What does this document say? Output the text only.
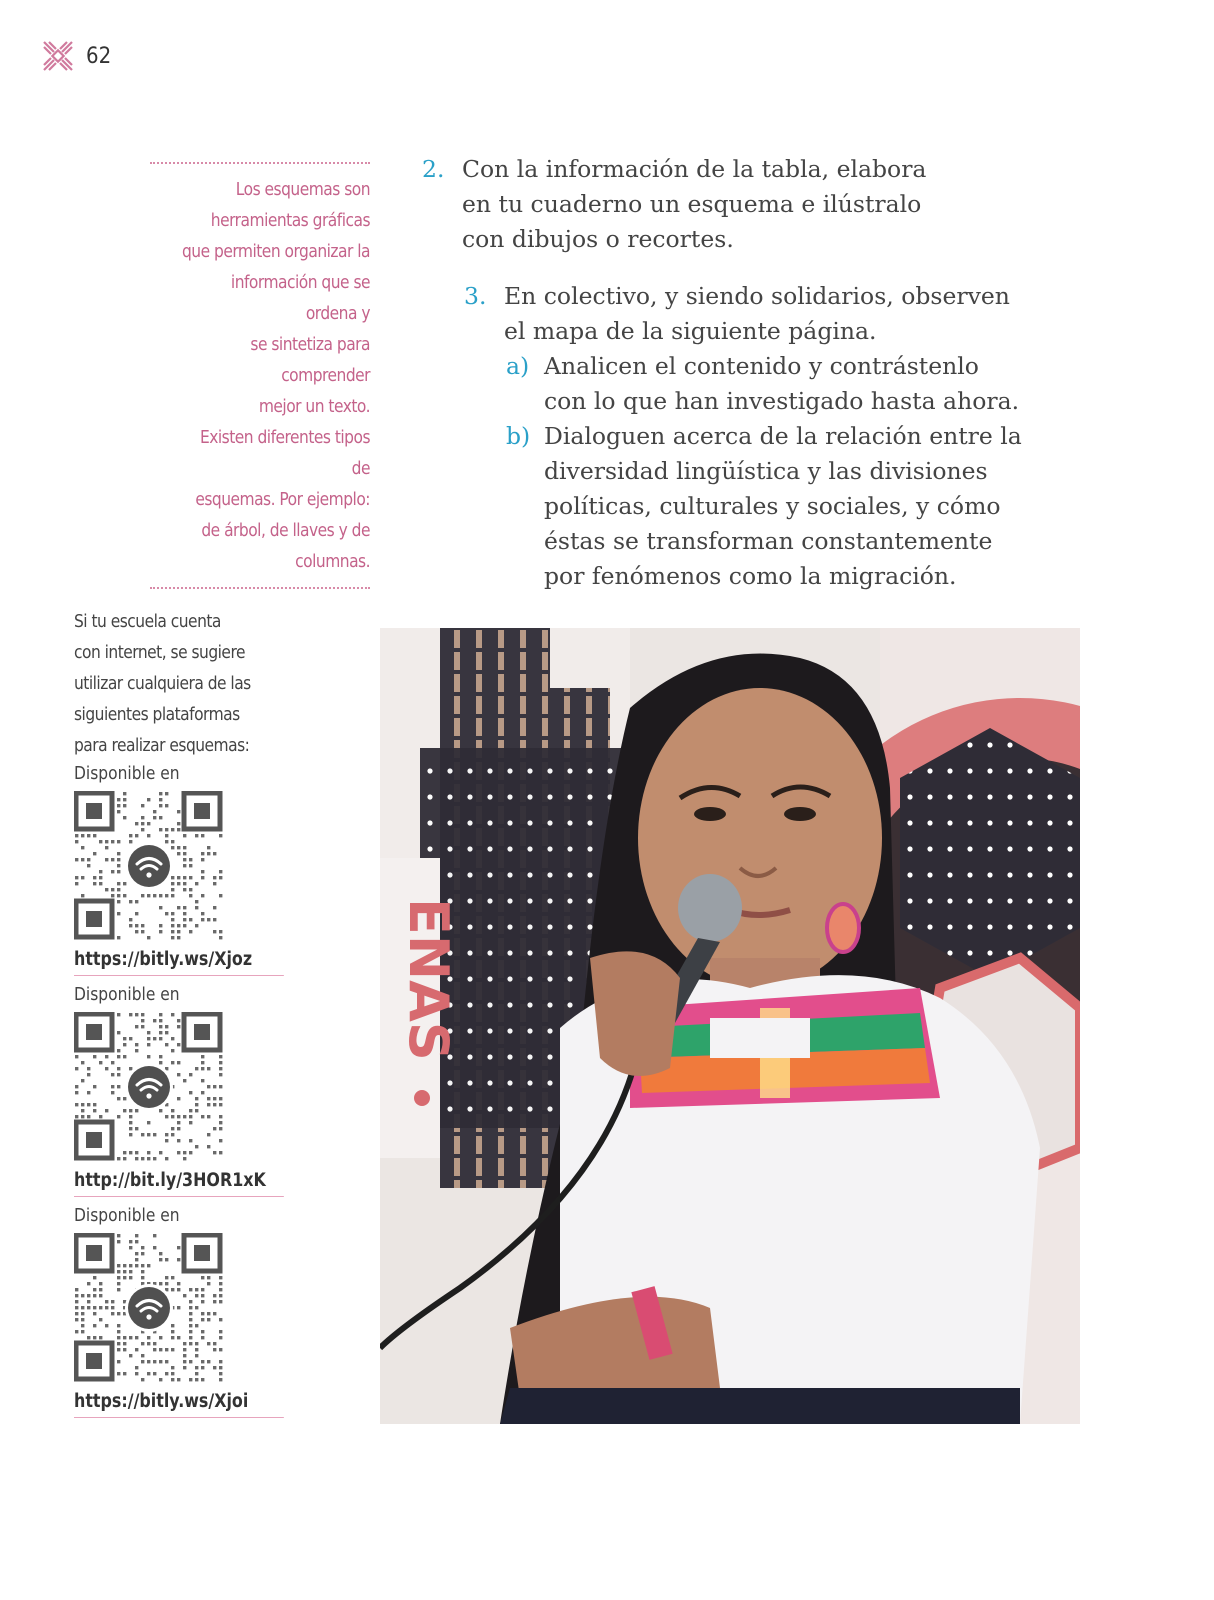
62
Los esquemas son
herramientas gráficas
que permiten organizar la
información que se ordena y
se sintetiza para comprender
mejor un texto.
Existen diferentes tipos de
esquemas. Por ejemplo:
de árbol, de llaves y de
columnas.
2. Con la información de la tabla, elabora
en tu cuaderno un esquema e ilústralo
con dibujos o recortes.
3. En colectivo, y siendo solidarios, observen
el mapa de la siguiente página.
a) Analicen el contenido y contrástenlo
con lo que han investigado hasta ahora.
b) Dialoguen acerca de la relación entre la
diversidad lingüística y las divisiones
políticas, culturales y sociales, y cómo
éstas se transforman constantemente
por fenómenos como la migración.
Si tu escuela cuenta
con internet, se sugiere
utilizar cualquiera de las
siguientes plataformas
para realizar esquemas:
Disponible en
https://bitly.ws/Xjoz
Disponible en
http://bit.ly/3HOR1xK
Disponible en
https://bitly.ws/Xjoi
ENAS
